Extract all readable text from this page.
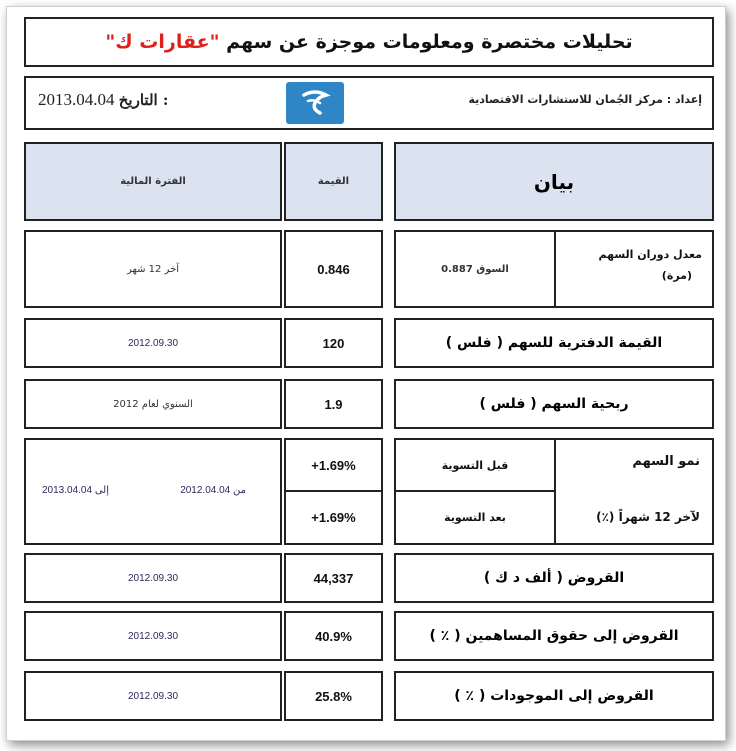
تحليلات مختصرة ومعلومات موجزة عن سهم "عقارات ك"
إعداد : مركز الجُمان للاستشارات الاقتصادية
2013.04.04 التاريخ :
بيان
القيمة
الفترة المالية
معدل دوران السهم
(مرة)
السوق 0.887
0.846
آخر 12 شهر
القيمة الدفترية للسهم ( فلس )
120
2012.09.30
ربحية السهم ( فلس )
1.9
السنوي لعام 2012
نمو السهم
لآخر 12 شهراً (٪)
قبل التسوية
بعد التسوية
+1.69%
+1.69%
من 2012.04.04
إلى 2013.04.04
القروض ( ألف د ك )
44,337
2012.09.30
القروض إلى حقوق المساهمين ( ٪ )
40.9%
2012.09.30
القروض إلى الموجودات ( ٪ )
25.8%
2012.09.30
